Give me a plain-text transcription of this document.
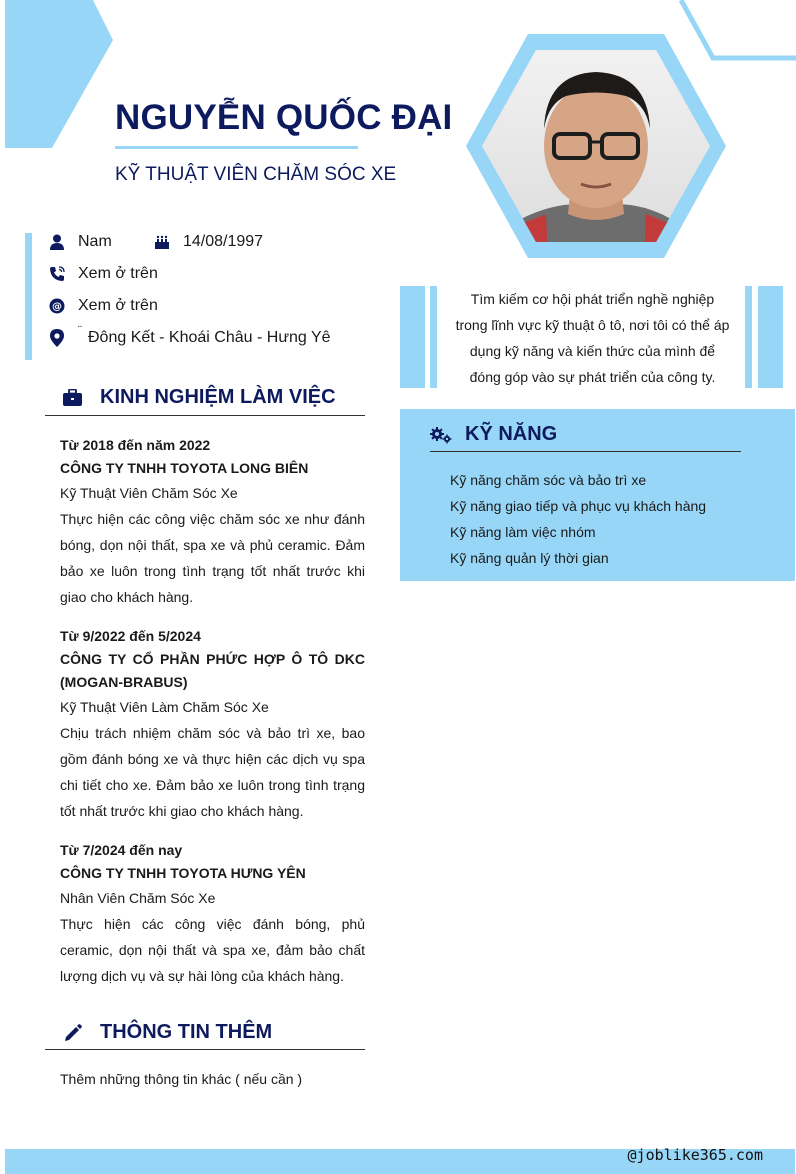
NGUYỄN QUỐC ĐẠI
KỸ THUẬT VIÊN CHĂM SÓC XE
Nam	14/08/1997
Xem ở trên
@ Xem ở trên
¨ Đông Kết - Khoái Châu - Hưng Yê
KINH NGHIỆM LÀM VIỆC
Từ 2018 đến năm 2022
CÔNG TY TNHH TOYOTA LONG BIÊN
Kỹ Thuật Viên Chăm Sóc Xe
Thực hiện các công việc chăm sóc xe như đánh bóng, dọn nội thất, spa xe và phủ ceramic. Đảm bảo xe luôn trong tình trạng tốt nhất trước khi giao cho khách hàng.
Từ 9/2022 đến 5/2024
CÔNG TY CỔ PHẦN PHỨC HỢP Ô TÔ DKC (MOGAN-BRABUS)
Kỹ Thuật Viên Làm Chăm Sóc Xe
Chịu trách nhiệm chăm sóc và bảo trì xe, bao gồm đánh bóng xe và thực hiện các dịch vụ spa chi tiết cho xe. Đảm bảo xe luôn trong tình trạng tốt nhất trước khi giao cho khách hàng.
Từ 7/2024 đến nay
CÔNG TY TNHH TOYOTA HƯNG YÊN
Nhân Viên Chăm Sóc Xe
Thực hiện các công việc đánh bóng, phủ ceramic, dọn nội thất và spa xe, đảm bảo chất lượng dịch vụ và sự hài lòng của khách hàng.
Tìm kiếm cơ hội phát triển nghề nghiệp trong lĩnh vực kỹ thuật ô tô, nơi tôi có thể áp dụng kỹ năng và kiến thức của mình để đóng góp vào sự phát triển của công ty.
KỸ NĂNG
Kỹ năng chăm sóc và bảo trì xe
Kỹ năng giao tiếp và phục vụ khách hàng
Kỹ năng làm việc nhóm
Kỹ năng quản lý thời gian
THÔNG TIN THÊM
Thêm những thông tin khác ( nếu cần )
@joblike365.com
